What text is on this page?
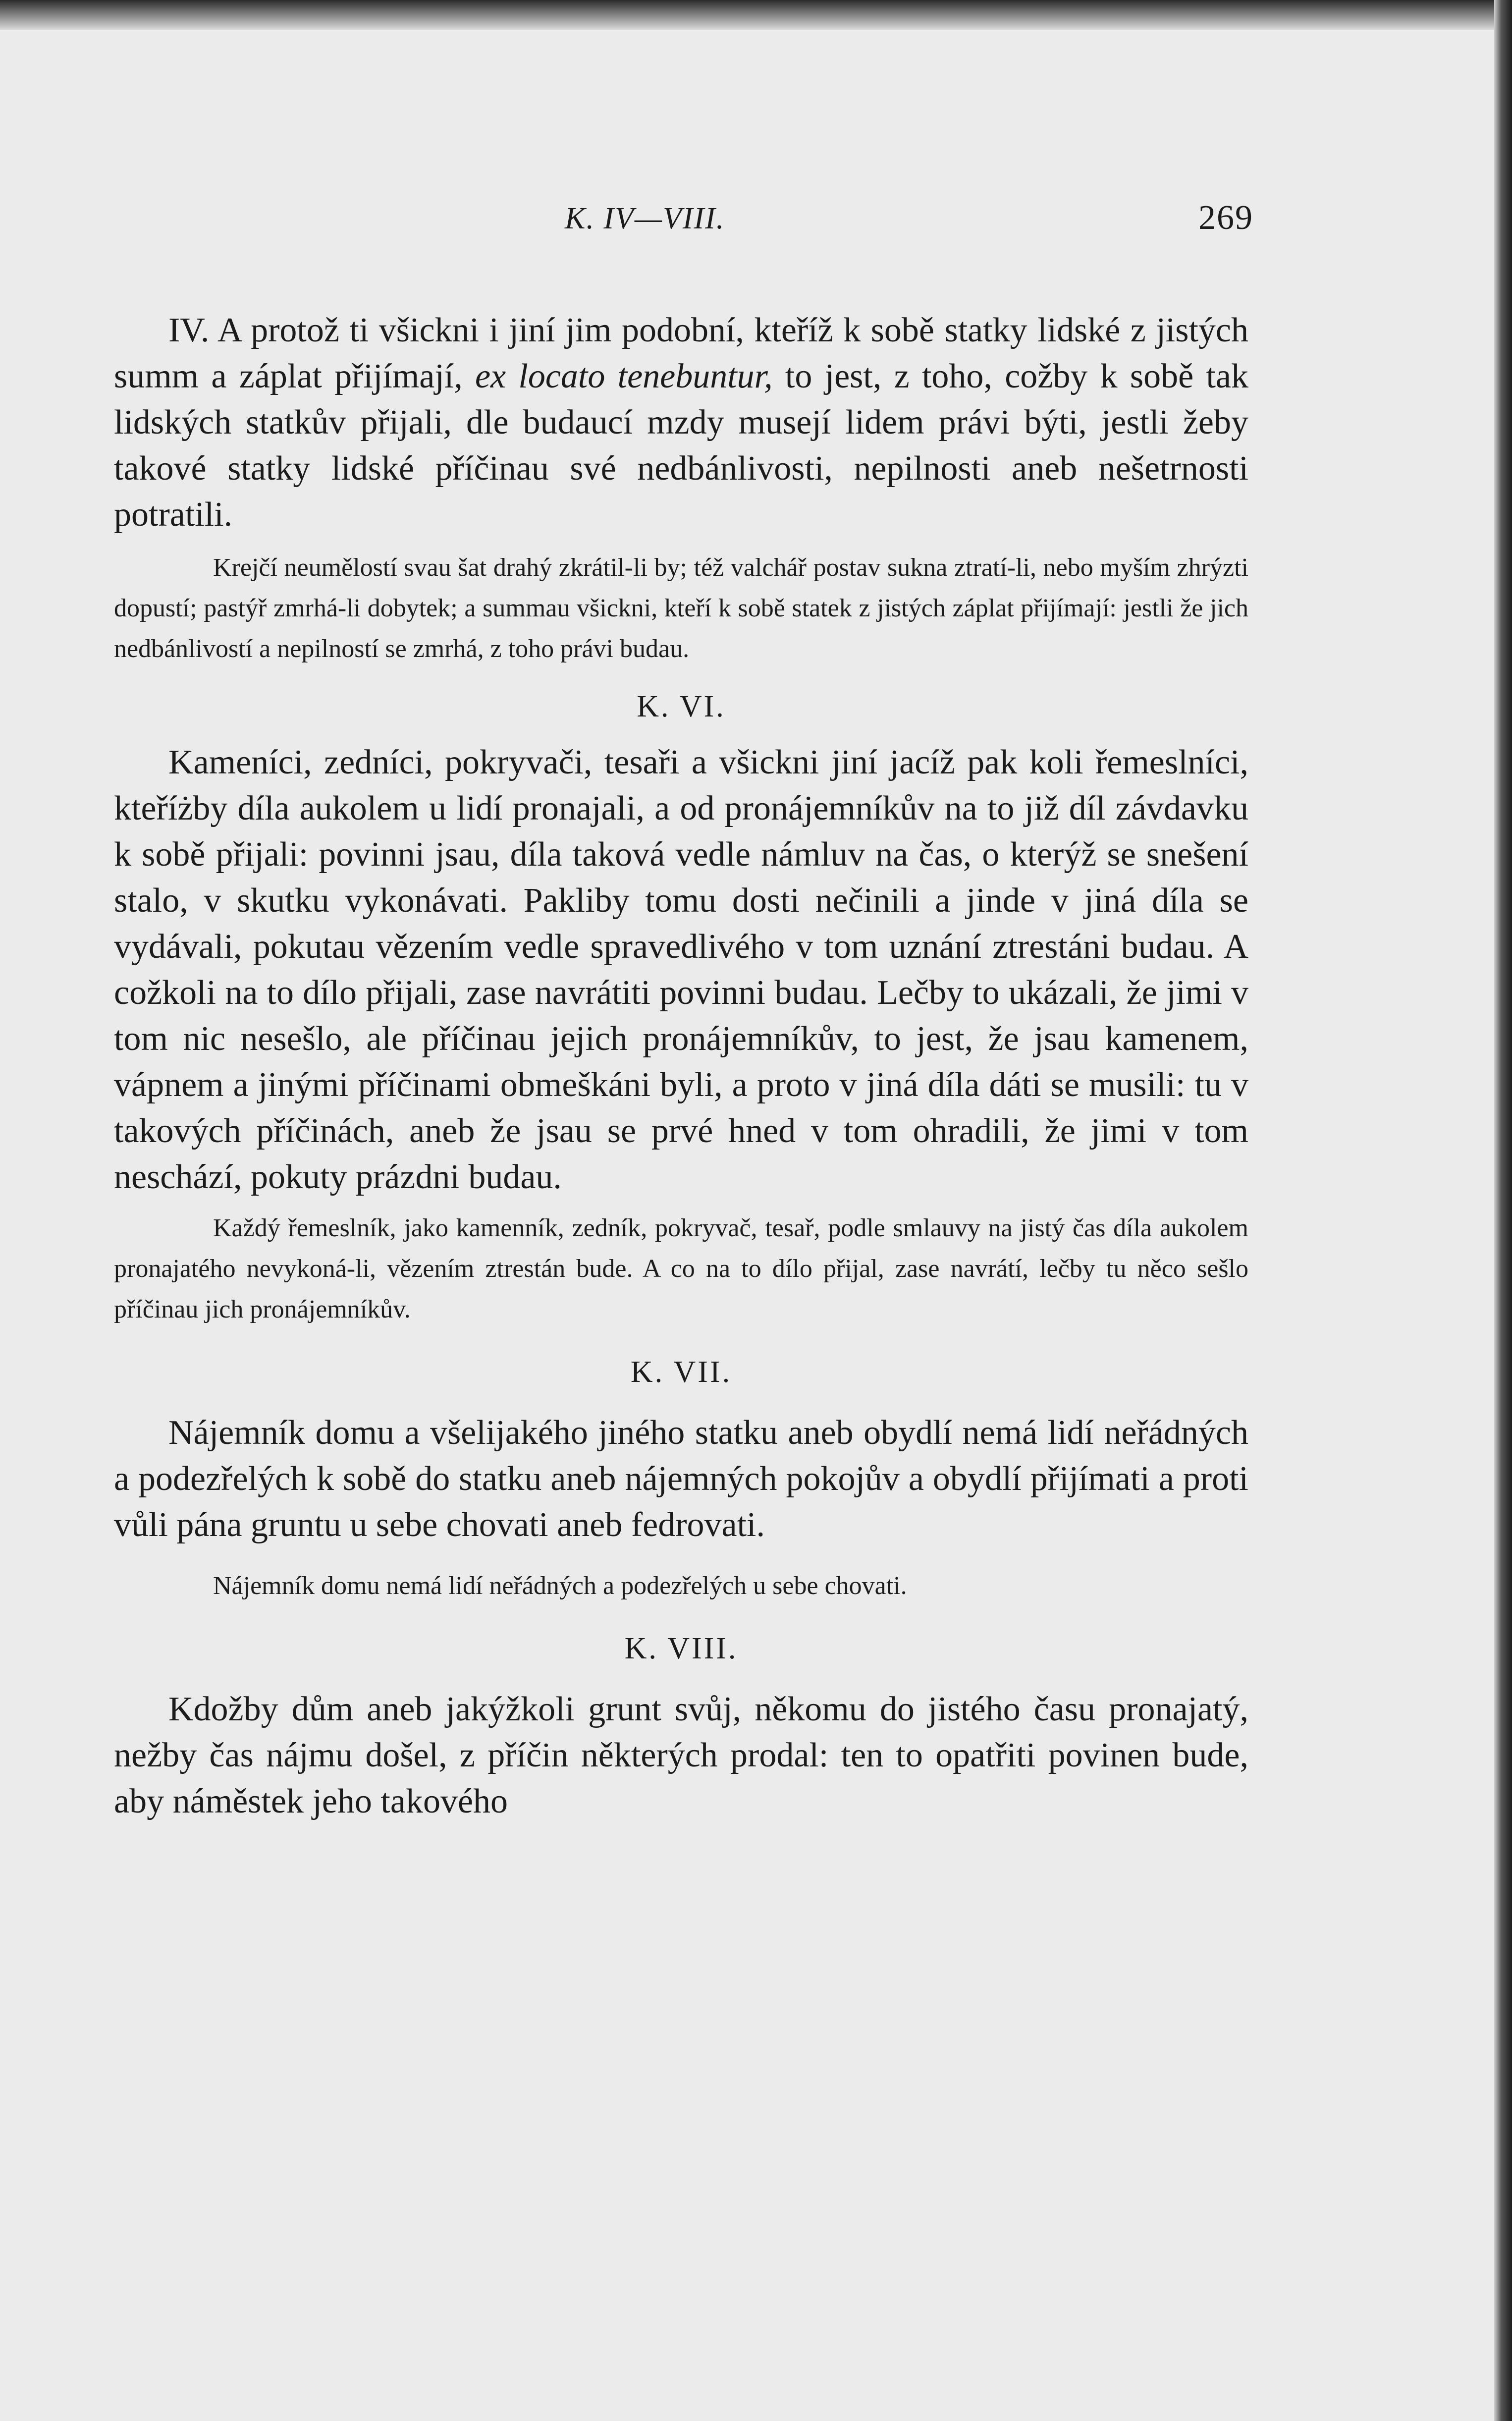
K. IV—VIII.	269

IV. A protož ti všickni i jiní jim podobní, kteříž k sobě statky lidské z jistých summ a záplat přijímají, ex locato tenebuntur, to jest, z toho, cožby k sobě tak lidských statkův přijali, dle budaucí mzdy musejí lidem právi býti, jestli žeby takové statky lidské příčinau své nedbánlivosti, nepilnosti aneb nešetrnosti potratili.

Krejčí neumělostí svau šat drahý zkrátil-li by; též valchář postav sukna ztratí-li, nebo myším zhrýzti dopustí; pastýř zmrhá-li dobytek; a summau všickni, kteří k sobě statek z jistých záplat přijímají: jestli že jich nedbánlivostí a nepilností se zmrhá, z toho právi budau.

K. VI.

Kameníci, zedníci, pokryvači, tesaři a všickni jiní jacíž pak koli řemeslníci, kteříżby díla aukolem u lidí pronajali, a od pronájemníkův na to již díl závdavku k sobě přijali: povinni jsau, díla taková vedle námluv na čas, o kterýž se snešení stalo, v skutku vykonávati. Pakliby tomu dosti nečinili a jinde v jiná díla se vydávali, pokutau vězením vedle spravedlivého v tom uznání ztrestáni budau. A cožkoli na to dílo přijali, zase navrátiti povinni budau. Lečby to ukázali, že jimi v tom nic nesešlo, ale příčinau jejich pronájemníkův, to jest, že jsau kamenem, vápnem a jinými příčinami obmeškáni byli, a proto v jiná díla dáti se musili: tu v takových příčinách, aneb že jsau se prvé hned v tom ohradili, že jimi v tom neschází, pokuty prázdni budau.

Každý řemeslník, jako kamenník, zedník, pokryvač, tesař, podle smlauvy na jistý čas díla aukolem pronajatého nevykoná-li, vězením ztrestán bude. A co na to dílo přijal, zase navrátí, lečby tu něco sešlo příčinau jich pronájemníkův.

K. VII.

Nájemník domu a všelijakého jiného statku aneb obydlí nemá lidí neřádných a podezřelých k sobě do statku aneb nájemných pokojův a obydlí přijímati a proti vůli pána gruntu u sebe chovati aneb fedrovati.

Nájemník domu nemá lidí neřádných a podezřelých u sebe chovati.

K. VIII.

Kdožby dům aneb jakýžkoli grunt svůj, někomu do jistého času pronajatý, nežby čas nájmu došel, z příčin některých prodal: ten to opatřiti povinen bude, aby náměstek jeho takového
